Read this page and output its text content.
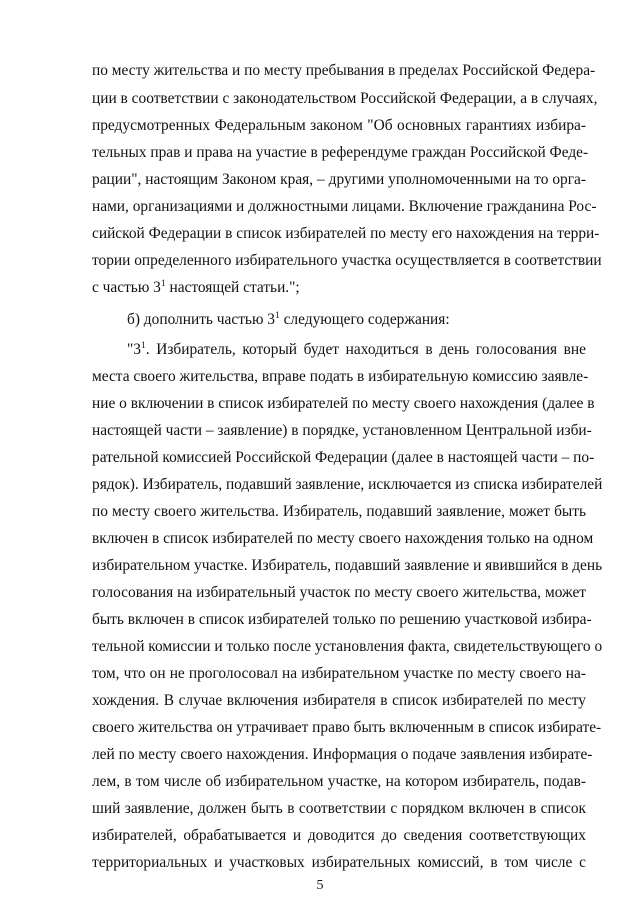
по месту жительства и по месту пребывания в пределах Российской Федера-
ции в соответствии с законодательством Российской Федерации, а в случаях,
предусмотренных Федеральным законом "Об основных гарантиях избира-
тельных прав и права на участие в референдуме граждан Российской Феде-
рации", настоящим Законом края, – другими уполномоченными на то орга-
нами, организациями и должностными лицами. Включение гражданина Рос-
сийской Федерации в список избирателей по месту его нахождения на терри-
тории определенного избирательного участка осуществляется в соответствии
с частью $3^1$ настоящей статьи.";
б) дополнить частью $3^1$ следующего содержания:
"$3^1$. Избиратель, который будет находиться в день голосования вне
места своего жительства, вправе подать в избирательную комиссию заявле-
ние о включении в список избирателей по месту своего нахождения (далее в
настоящей части – заявление) в порядке, установленном Центральной изби-
рательной комиссией Российской Федерации (далее в настоящей части – по-
рядок). Избиратель, подавший заявление, исключается из списка избирателей
по месту своего жительства. Избиратель, подавший заявление, может быть
включен в список избирателей по месту своего нахождения только на одном
избирательном участке. Избиратель, подавший заявление и явившийся в день
голосования на избирательный участок по месту своего жительства, может
быть включен в список избирателей только по решению участковой избира-
тельной комиссии и только после установления факта, свидетельствующего о
том, что он не проголосовал на избирательном участке по месту своего на-
хождения. В случае включения избирателя в список избирателей по месту
своего жительства он утрачивает право быть включенным в список избирате-
лей по месту своего нахождения. Информация о подаче заявления избирате-
лем, в том числе об избирательном участке, на котором избиратель, подав-
ший заявление, должен быть в соответствии с порядком включен в список
избирателей, обрабатывается и доводится до сведения соответствующих
территориальных и участковых избирательных комиссий, в том числе с
5
